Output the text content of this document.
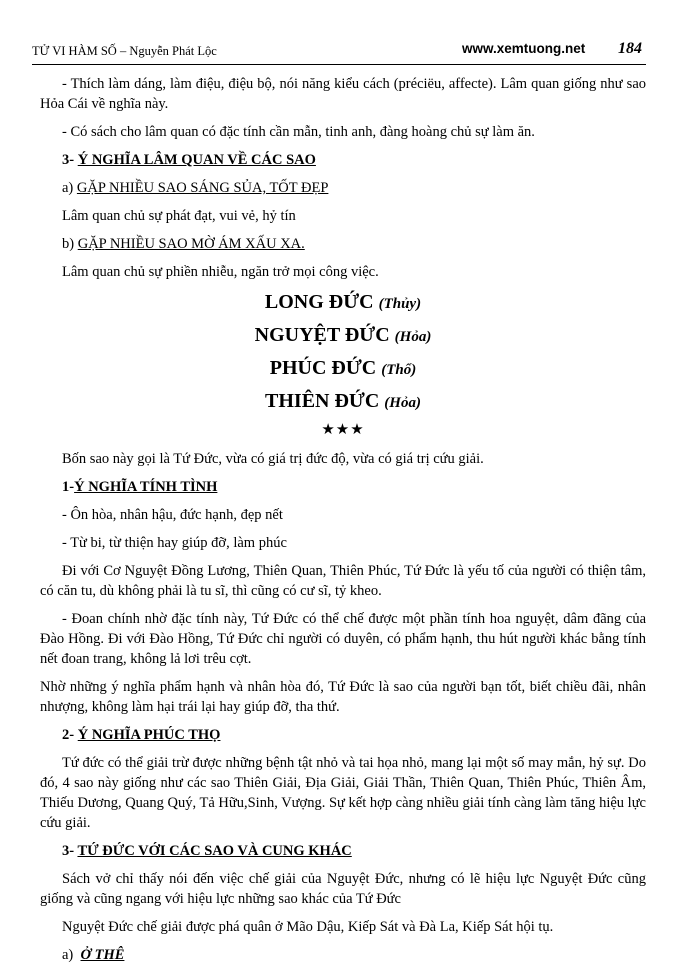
TỬ VI HÀM SỐ – Nguyễn Phát Lộc	www.xemtuong.net 184

- Thích làm dáng, làm điệu, điệu bộ, nói năng kiểu cách (préciëu, affecte). Lâm quan giống như sao Hỏa Cái về nghĩa này.

- Có sách cho lâm quan có đặc tính cần mẫn, tinh anh, đàng hoàng chủ sự làm ăn.

3- Ý NGHĨA LÂM QUAN VỀ CÁC SAO

a) GẶP NHIỀU SAO SÁNG SỦA, TỐT ĐẸP

Lâm quan chủ sự phát đạt, vui vẻ, hỷ tín

b) GẶP NHIỀU SAO MỜ ÁM XẤU XA.

Lâm quan chủ sự phiền nhiễu, ngăn trở mọi công việc.

LONG ĐỨC (Thủy)
NGUYỆT ĐỨC (Hỏa)
PHÚC ĐỨC (Thổ)
THIÊN ĐỨC (Hỏa)
★★★

Bốn sao này gọi là Tứ Đức, vừa có giá trị đức độ, vừa có giá trị cứu giải.

1-Ý NGHĨA TÍNH TÌNH

- Ôn hòa, nhân hậu, đức hạnh, đẹp nết

- Từ bi, từ thiện hay giúp đỡ, làm phúc

Đi với Cơ Nguyệt Đồng Lương, Thiên Quan, Thiên Phúc, Tứ Đức là yếu tố của người có thiện tâm, có căn tu, dù không phải là tu sĩ, thì cũng có cư sĩ, tỷ kheo.

- Đoan chính nhờ đặc tính này, Tứ Đức có thể chế được một phần tính hoa nguyệt, dâm đãng của Đào Hồng. Đi với Đào Hồng, Tứ Đức chỉ người có duyên, có phẩm hạnh, thu hút người khác bằng tính nết đoan trang, không lả lơi trêu cợt.

Nhờ những ý nghĩa phẩm hạnh và nhân hòa đó, Tứ Đức là sao của người bạn tốt, biết chiều đãi, nhân nhượng, không làm hại trái lại hay giúp đỡ, tha thứ.

2- Ý NGHĨA PHÚC THỌ

Tứ đức có thể giải trừ được những bệnh tật nhỏ và tai họa nhỏ, mang lại một số may mắn, hỷ sự. Do đó, 4 sao này giống như các sao Thiên Giải, Địa Giải, Giải Thần, Thiên Quan, Thiên Phúc, Thiên Âm, Thiếu Dương, Quang Quý, Tả Hữu,Sinh, Vượng. Sự kết hợp càng nhiều giải tính càng làm tăng hiệu lực cứu giải.

3- TỨ ĐỨC VỚI CÁC SAO VÀ CUNG KHÁC

Sách vở chỉ thấy nói đến việc chế giải của Nguyệt Đức, nhưng có lẽ hiệu lực Nguyệt Đức cũng giống và cũng ngang với hiệu lực những sao khác của Tứ Đức

Nguyệt Đức chế giải được phá quân ở Mão Dậu, Kiếp Sát và Đà La, Kiếp Sát hội tụ.

a) Ở THÊ
